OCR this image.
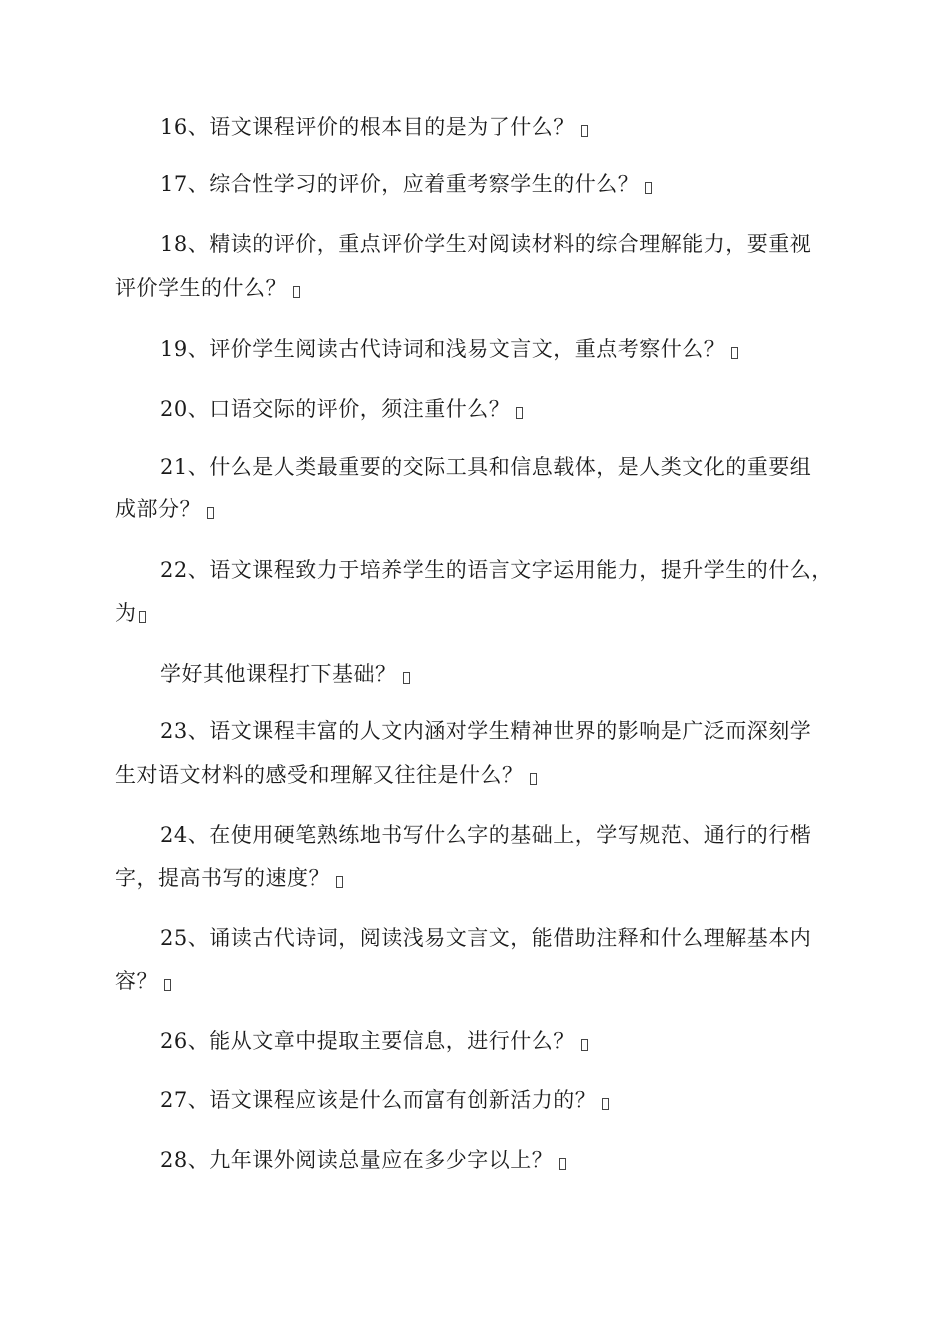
16、语文课程评价的根本目的是为了什么？
17、综合性学习的评价，应着重考察学生的什么？
18、精读的评价，重点评价学生对阅读材料的综合理解能力，要重视
评价学生的什么？
19、评价学生阅读古代诗词和浅易文言文，重点考察什么？
20、口语交际的评价，须注重什么？
21、什么是人类最重要的交际工具和信息载体，是人类文化的重要组
成部分？
22、语文课程致力于培养学生的语言文字运用能力，提升学生的什么，
为
学好其他课程打下基础？
23、语文课程丰富的人文内涵对学生精神世界的影响是广泛而深刻学
生对语文材料的感受和理解又往往是什么？
24、在使用硬笔熟练地书写什么字的基础上，学写规范、通行的行楷
字，提高书写的速度？
25、诵读古代诗词，阅读浅易文言文，能借助注释和什么理解基本内
容？
26、能从文章中提取主要信息，进行什么？
27、语文课程应该是什么而富有创新活力的？
28、九年课外阅读总量应在多少字以上？
